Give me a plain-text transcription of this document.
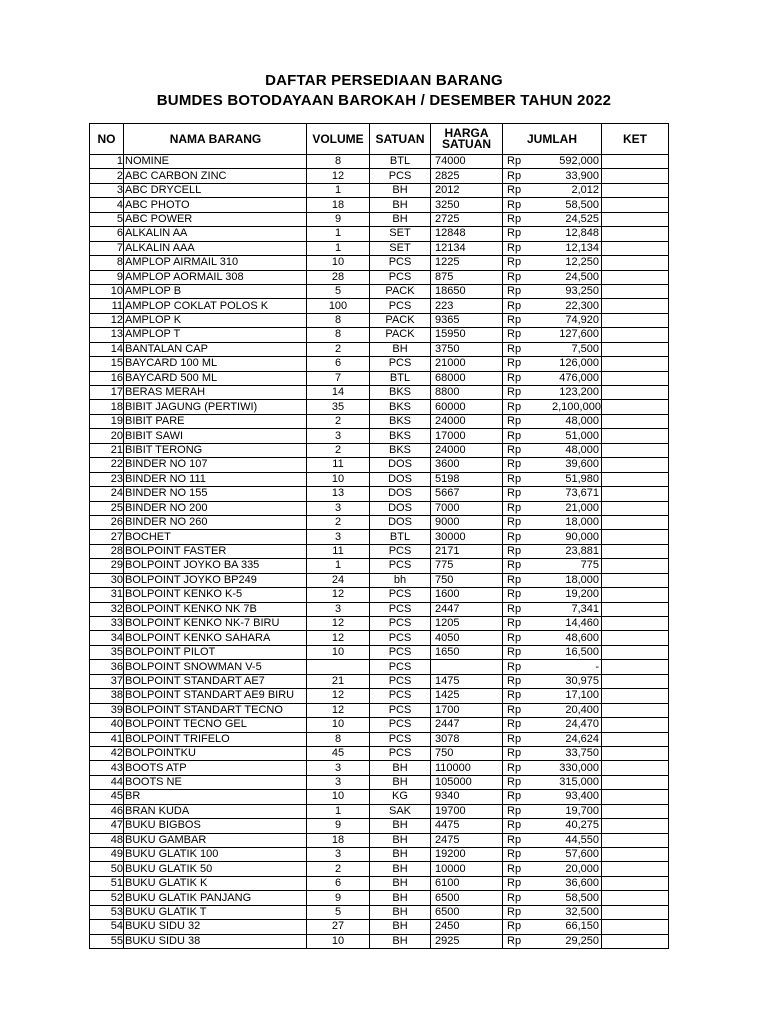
DAFTAR PERSEDIAAN BARANG
BUMDES BOTODAYAAN BAROKAH / DESEMBER TAHUN 2022
NO	NAMA BARANG	VOLUME	SATUAN	HARGA
SATUAN	JUMLAH		KET
1	NOMINE	8	BTL	74000	Rp	592,000	
2	ABC CARBON ZINC	12	PCS	2825	Rp	33,900	
3	ABC DRYCELL	1	BH	2012	Rp	2,012	
4	ABC PHOTO	18	BH	3250	Rp	58,500	
5	ABC POWER	9	BH	2725	Rp	24,525	
6	ALKALIN AA	1	SET	12848	Rp	12,848	
7	ALKALIN AAA	1	SET	12134	Rp	12,134	
8	AMPLOP AIRMAIL 310	10	PCS	1225	Rp	12,250	
9	AMPLOP AORMAIL 308	28	PCS	875	Rp	24,500	
10	AMPLOP B	5	PACK	18650	Rp	93,250	
11	AMPLOP COKLAT POLOS K	100	PCS	223	Rp	22,300	
12	AMPLOP K	8	PACK	9365	Rp	74,920	
13	AMPLOP T	8	PACK	15950	Rp	127,600	
14	BANTALAN CAP	2	BH	3750	Rp	7,500	
15	BAYCARD 100 ML	6	PCS	21000	Rp	126,000	
16	BAYCARD 500 ML	7	BTL	68000	Rp	476,000	
17	BERAS MERAH	14	BKS	8800	Rp	123,200	
18	BIBIT JAGUNG (PERTIWI)	35	BKS	60000	Rp	2,100,000	
19	BIBIT PARE	2	BKS	24000	Rp	48,000	
20	BIBIT SAWI	3	BKS	17000	Rp	51,000	
21	BIBIT TERONG	2	BKS	24000	Rp	48,000	
22	BINDER NO 107	11	DOS	3600	Rp	39,600	
23	BINDER NO 111	10	DOS	5198	Rp	51,980	
24	BINDER NO 155	13	DOS	5667	Rp	73,671	
25	BINDER NO 200	3	DOS	7000	Rp	21,000	
26	BINDER NO 260	2	DOS	9000	Rp	18,000	
27	BOCHET	3	BTL	30000	Rp	90,000	
28	BOLPOINT FASTER	11	PCS	2171	Rp	23,881	
29	BOLPOINT JOYKO BA 335	1	PCS	775	Rp	775	
30	BOLPOINT JOYKO BP249	24	bh	750	Rp	18,000	
31	BOLPOINT KENKO K-5	12	PCS	1600	Rp	19,200	
32	BOLPOINT KENKO NK 7B	3	PCS	2447	Rp	7,341	
33	BOLPOINT KENKO NK-7 BIRU	12	PCS	1205	Rp	14,460	
34	BOLPOINT KENKO SAHARA	12	PCS	4050	Rp	48,600	
35	BOLPOINT PILOT	10	PCS	1650	Rp	16,500	
36	BOLPOINT SNOWMAN V-5		PCS		Rp	-	
37	BOLPOINT STANDART AE7	21	PCS	1475	Rp	30,975	
38	BOLPOINT STANDART AE9 BIRU	12	PCS	1425	Rp	17,100	
39	BOLPOINT STANDART TECNO	12	PCS	1700	Rp	20,400	
40	BOLPOINT TECNO GEL	10	PCS	2447	Rp	24,470	
41	BOLPOINT TRIFELO	8	PCS	3078	Rp	24,624	
42	BOLPOINTKU	45	PCS	750	Rp	33,750	
43	BOOTS ATP	3	BH	110000	Rp	330,000	
44	BOOTS NE	3	BH	105000	Rp	315,000	
45	BR	10	KG	9340	Rp	93,400	
46	BRAN KUDA	1	SAK	19700	Rp	19,700	
47	BUKU BIGBOS	9	BH	4475	Rp	40,275	
48	BUKU GAMBAR	18	BH	2475	Rp	44,550	
49	BUKU GLATIK 100	3	BH	19200	Rp	57,600	
50	BUKU GLATIK 50	2	BH	10000	Rp	20,000	
51	BUKU GLATIK K	6	BH	6100	Rp	36,600	
52	BUKU GLATIK PANJANG	9	BH	6500	Rp	58,500	
53	BUKU GLATIK T	5	BH	6500	Rp	32,500	
54	BUKU SIDU 32	27	BH	2450	Rp	66,150	
55	BUKU SIDU 38	10	BH	2925	Rp	29,250	
